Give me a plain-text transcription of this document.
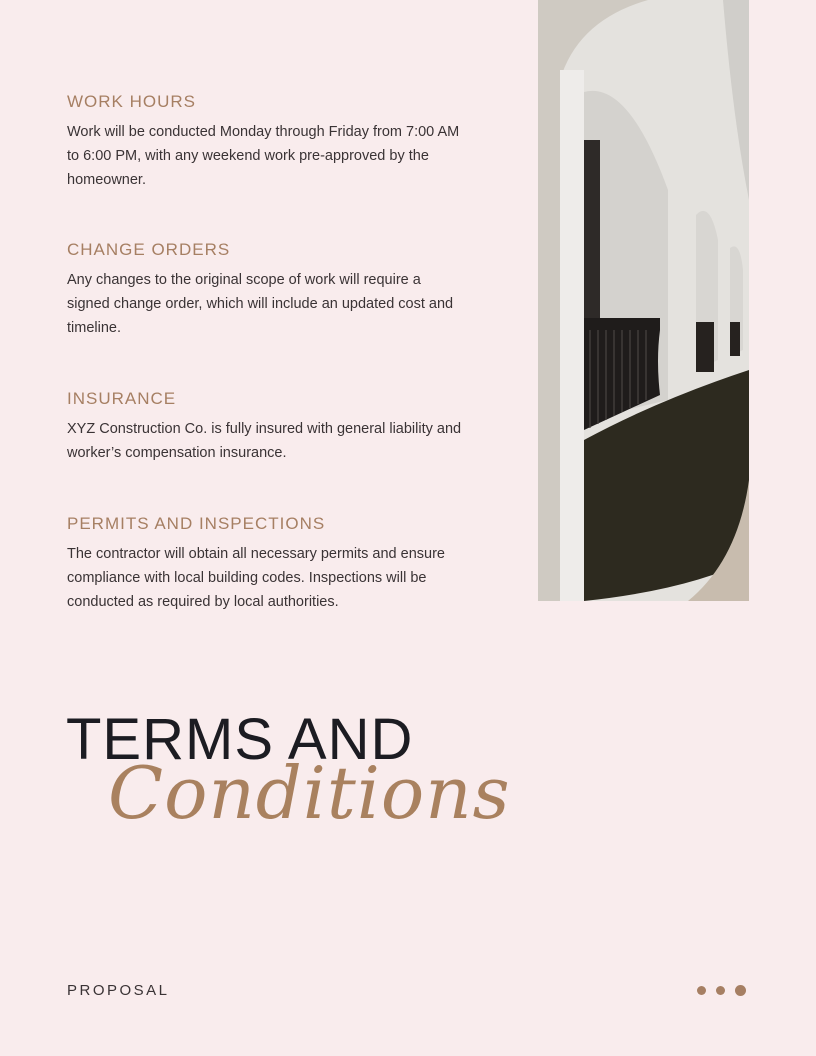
WORK HOURS

Work will be conducted Monday through Friday from 7:00 AM to 6:00 PM, with any weekend work pre-approved by the homeowner.

CHANGE ORDERS

Any changes to the original scope of work will require a signed change order, which will include an updated cost and timeline.

INSURANCE

XYZ Construction Co. is fully insured with general liability and worker’s compensation insurance.

PERMITS AND INSPECTIONS

The contractor will obtain all necessary permits and ensure compliance with local building codes. Inspections will be conducted as required by local authorities.

TERMS AND
Conditions
PROPOSAL
